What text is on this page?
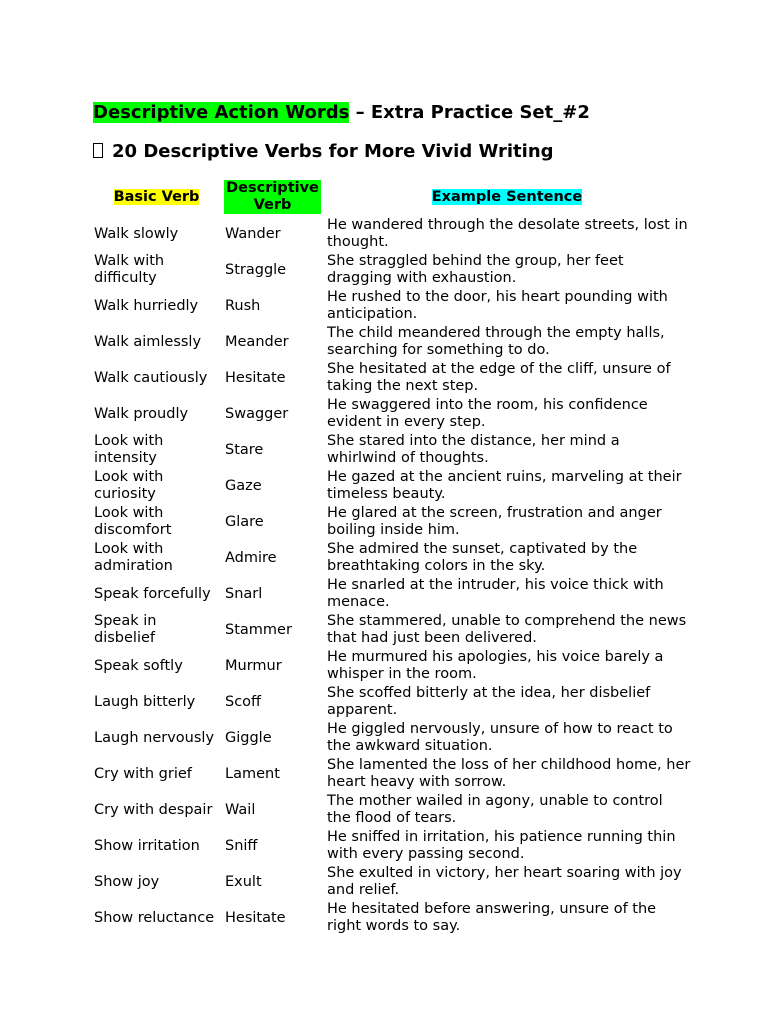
Descriptive Action Words – Extra Practice Set_#2
20 Descriptive Verbs for More Vivid Writing
Basic Verb	Descriptive Verb	Example Sentence
Walk slowly	Wander	He wandered through the desolate streets, lost in thought.
Walk with difficulty	Straggle	She straggled behind the group, her feet dragging with exhaustion.
Walk hurriedly	Rush	He rushed to the door, his heart pounding with anticipation.
Walk aimlessly	Meander	The child meandered through the empty halls, searching for something to do.
Walk cautiously	Hesitate	She hesitated at the edge of the cliff, unsure of taking the next step.
Walk proudly	Swagger	He swaggered into the room, his confidence evident in every step.
Look with intensity	Stare	She stared into the distance, her mind a whirlwind of thoughts.
Look with curiosity	Gaze	He gazed at the ancient ruins, marveling at their timeless beauty.
Look with discomfort	Glare	He glared at the screen, frustration and anger boiling inside him.
Look with admiration	Admire	She admired the sunset, captivated by the breathtaking colors in the sky.
Speak forcefully	Snarl	He snarled at the intruder, his voice thick with menace.
Speak in disbelief	Stammer	She stammered, unable to comprehend the news that had just been delivered.
Speak softly	Murmur	He murmured his apologies, his voice barely a whisper in the room.
Laugh bitterly	Scoff	She scoffed bitterly at the idea, her disbelief apparent.
Laugh nervously	Giggle	He giggled nervously, unsure of how to react to the awkward situation.
Cry with grief	Lament	She lamented the loss of her childhood home, her heart heavy with sorrow.
Cry with despair	Wail	The mother wailed in agony, unable to control the flood of tears.
Show irritation	Sniff	He sniffed in irritation, his patience running thin with every passing second.
Show joy	Exult	She exulted in victory, her heart soaring with joy and relief.
Show reluctance	Hesitate	He hesitated before answering, unsure of the right words to say.
